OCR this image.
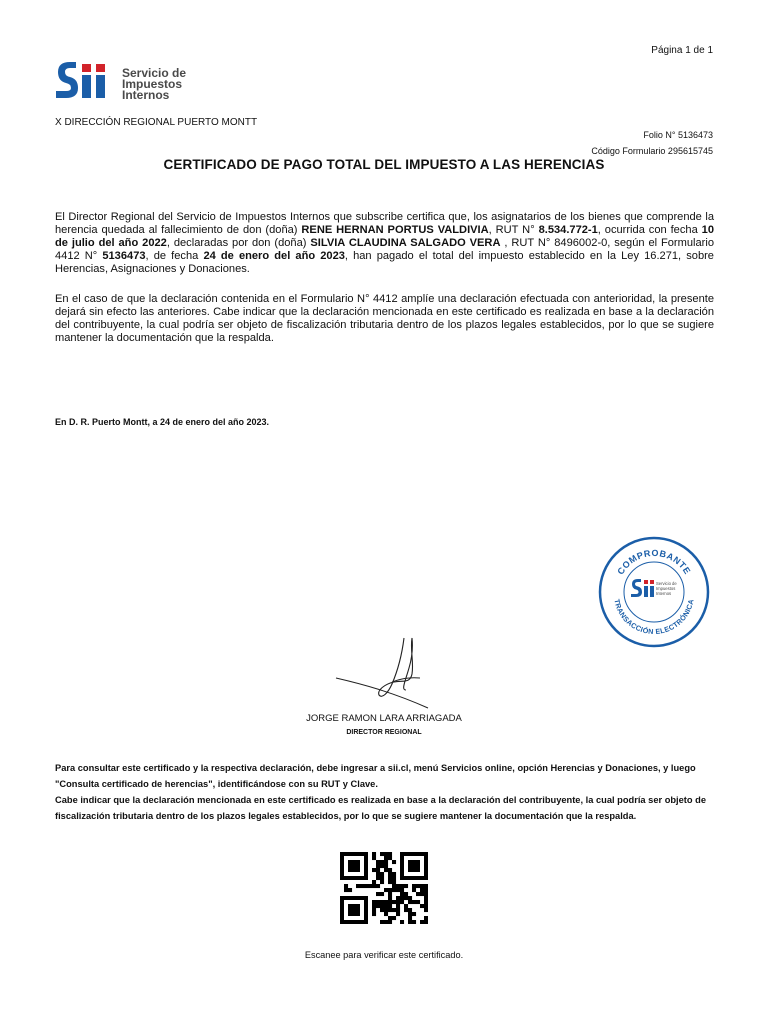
Página 1 de 1
Servicio de
Impuestos
Internos
X DIRECCIÓN REGIONAL PUERTO MONTT
Folio N° 5136473
Código Formulario 295615745
CERTIFICADO DE PAGO TOTAL DEL IMPUESTO A LAS HERENCIAS
El Director Regional del Servicio de Impuestos Internos que subscribe certifica que, los asignatarios de los bienes que comprende la herencia quedada al fallecimiento de don (doña) RENE HERNAN PORTUS VALDIVIA, RUT N° 8.534.772-1, ocurrida con fecha 10 de julio del año 2022, declaradas por don (doña) SILVIA CLAUDINA SALGADO VERA , RUT N° 8496002-0, según el Formulario 4412 N° 5136473, de fecha 24 de enero del año 2023, han pagado el total del impuesto establecido en la Ley 16.271, sobre Herencias, Asignaciones y Donaciones.
En el caso de que la declaración contenida en el Formulario N° 4412 amplíe una declaración efectuada con anterioridad, la presente dejará sin efecto las anteriores. Cabe indicar que la declaración mencionada en este certificado es realizada en base a la declaración del contribuyente, la cual podría ser objeto de fiscalización tributaria dentro de los plazos legales establecidos, por lo que se sugiere mantener la documentación que la respalda.
En D. R. Puerto Montt, a 24 de enero del año 2023.
COMPROBANTE
TRANSACCIÓN ELECTRÓNICA
Servicio de
Impuestos
Internos
JORGE RAMON LARA ARRIAGADA
DIRECTOR REGIONAL
Para consultar este certificado y la respectiva declaración, debe ingresar a sii.cl, menú Servicios online, opción Herencias y Donaciones, y luego "Consulta certificado de herencias", identificándose con su RUT y Clave.
Cabe indicar que la declaración mencionada en este certificado es realizada en base a la declaración del contribuyente, la cual podría ser objeto de fiscalización tributaria dentro de los plazos legales establecidos, por lo que se sugiere mantener la documentación que la respalda.
Escanee para verificar este certificado.
